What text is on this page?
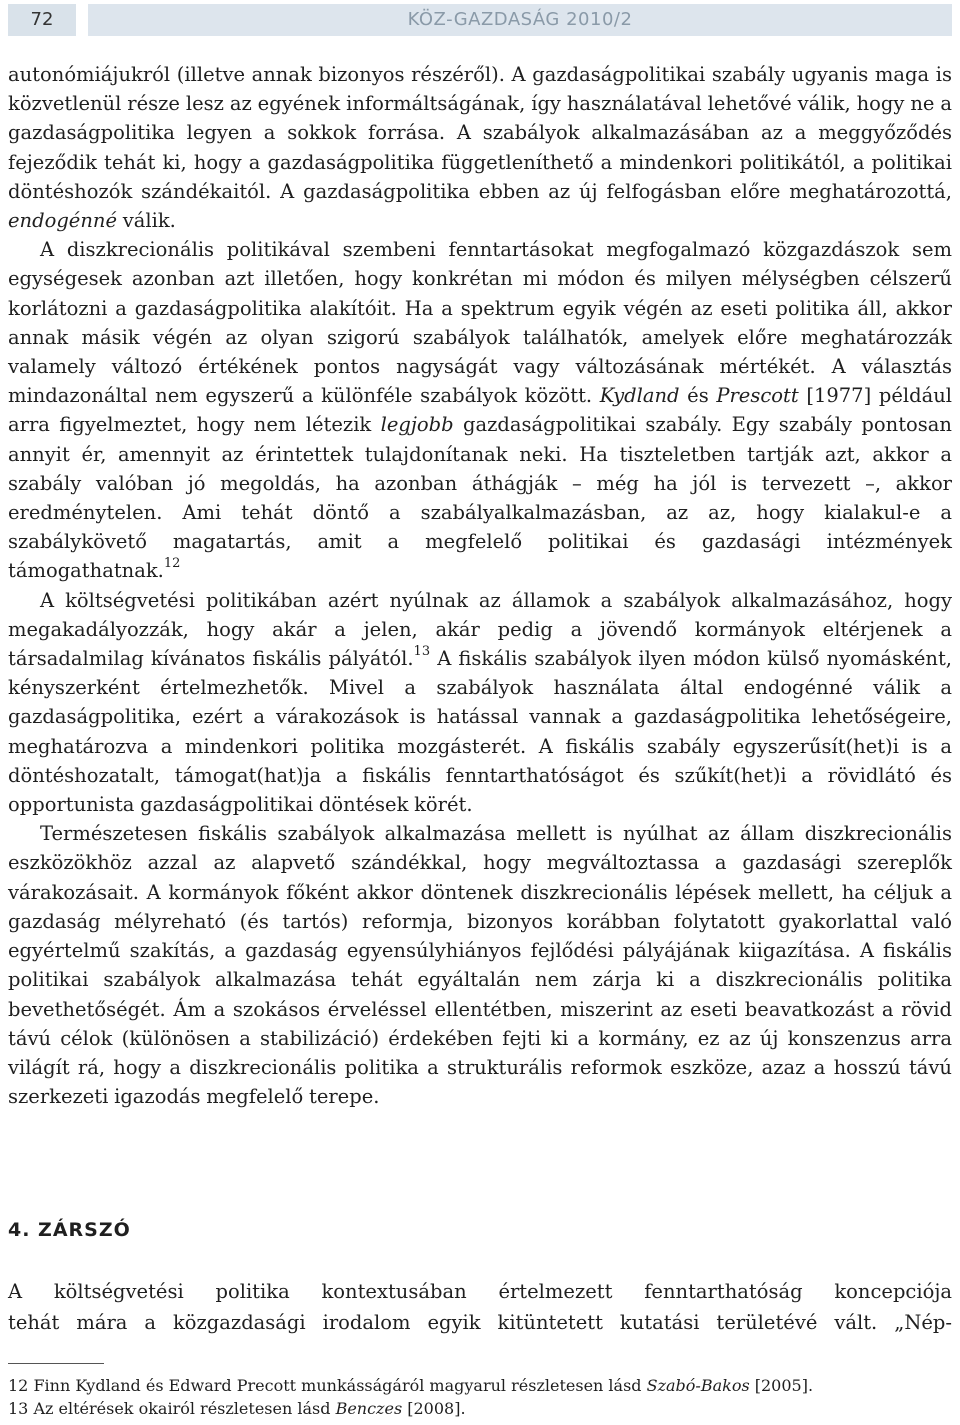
72	KÖZ-GAZDASÁG 2010/2

autonómiájukról (illetve annak bizonyos részéről). A gazdaságpolitikai szabály ugyanis maga is közvetlenül része lesz az egyének informáltságának, így használatával lehetővé válik, hogy ne a gazdaságpolitika legyen a sokkok forrása. A szabályok alkalmazásában az a meggyőződés fejeződik tehát ki, hogy a gazdaságpolitika függetleníthető a mindenkori politikától, a politikai döntéshozók szándékaitól. A gazdaságpolitika ebben az új felfogásban előre meghatározottá, endogénné válik.

A diszkrecionális politikával szembeni fenntartásokat megfogalmazó közgazdászok sem egységesek azonban azt illetően, hogy konkrétan mi módon és milyen mélységben célszerű korlátozni a gazdaságpolitika alakítóit. Ha a spektrum egyik végén az eseti politika áll, akkor annak másik végén az olyan szigorú szabályok találhatók, amelyek előre meghatározzák valamely változó értékének pontos nagyságát vagy változásának mértékét. A választás mindazonáltal nem egyszerű a különféle szabályok között. Kydland és Prescott [1977] például arra figyelmeztet, hogy nem létezik legjobb gazdaságpolitikai szabály. Egy szabály pontosan annyit ér, amennyit az érintettek tulajdonítanak neki. Ha tiszteletben tartják azt, akkor a szabály valóban jó megoldás, ha azonban áthágják – még ha jól is tervezett –, akkor eredménytelen. Ami tehát döntő a szabályalkalmazásban, az az, hogy kialakul-e a szabálykövető magatartás, amit a megfelelő politikai és gazdasági intézmények támogathatnak.$^{12}$

A költségvetési politikában azért nyúlnak az államok a szabályok alkalmazásához, hogy megakadályozzák, hogy akár a jelen, akár pedig a jövendő kormányok eltérjenek a társadalmilag kívánatos fiskális pályától.$^{13}$ A fiskális szabályok ilyen módon külső nyomásként, kényszerként értelmezhetők. Mivel a szabályok használata által endogénné válik a gazdaságpolitika, ezért a várakozások is hatással vannak a gazdaságpolitika lehetőségeire, meghatározva a mindenkori politika mozgásterét. A fiskális szabály egyszerűsít(het)i is a döntéshozatalt, támogat(hat)ja a fiskális fenntarthatóságot és szűkít(het)i a rövidlátó és opportunista gazdaságpolitikai döntések körét.

Természetesen fiskális szabályok alkalmazása mellett is nyúlhat az állam diszkrecionális eszközökhöz azzal az alapvető szándékkal, hogy megváltoztassa a gazdasági szereplők várakozásait. A kormányok főként akkor döntenek diszkrecionális lépések mellett, ha céljuk a gazdaság mélyreható (és tartós) reformja, bizonyos korábban folytatott gyakorlattal való egyértelmű szakítás, a gazdaság egyensúlyhiányos fejlődési pályájának kiigazítása. A fiskális politikai szabályok alkalmazása tehát egyáltalán nem zárja ki a diszkrecionális politika bevethetőségét. Ám a szokásos érveléssel ellentétben, miszerint az eseti beavatkozást a rövid távú célok (különösen a stabilizáció) érdekében fejti ki a kormány, ez az új konszenzus arra világít rá, hogy a diszkrecionális politika a strukturális reformok eszköze, azaz a hosszú távú szerkezeti igazodás megfelelő terepe.

4. ZÁRSZÓ

A költségvetési politika kontextusában értelmezett fenntarthatóság koncepciója

tehát mára a közgazdasági irodalom egyik kitüntetett kutatási területévé vált. „Nép-

12 Finn Kydland és Edward Precott munkásságáról magyarul részletesen lásd Szabó-Bakos [2005].

13 Az eltérések okairól részletesen lásd Benczes [2008].
